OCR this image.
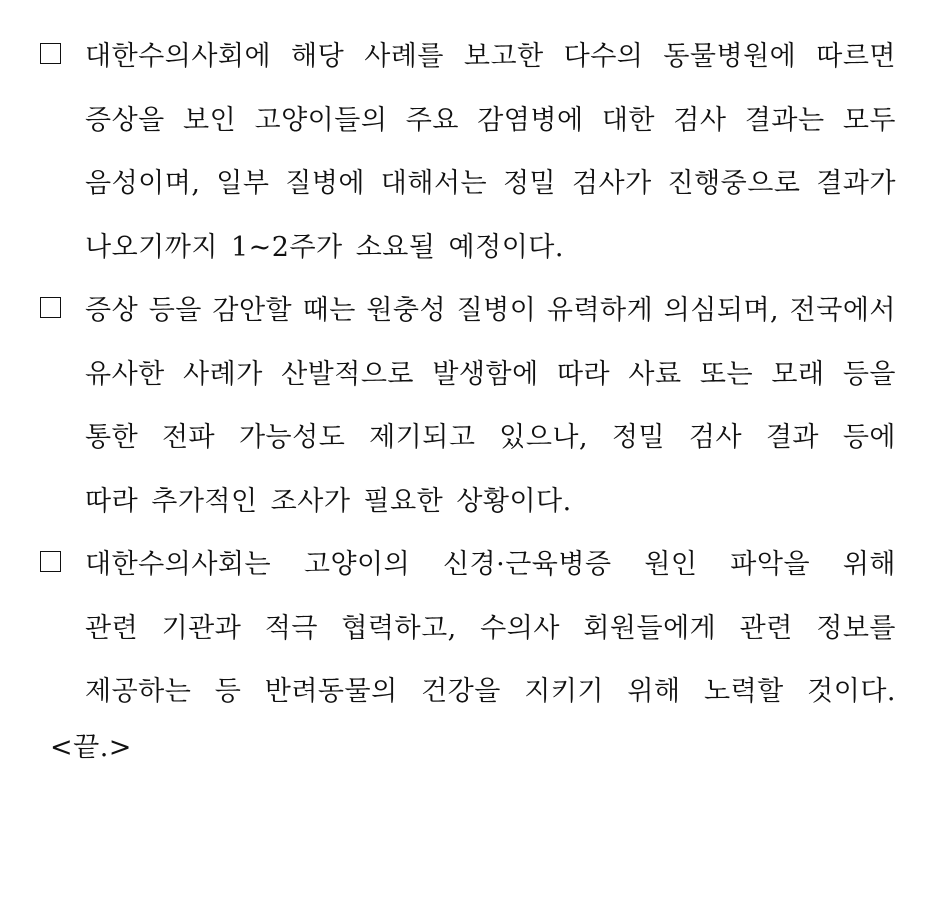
대한수의사회에 해당 사례를 보고한 다수의 동물병원에 따르면
증상을 보인 고양이들의 주요 감염병에 대한 검사 결과는 모두
음성이며, 일부 질병에 대해서는 정밀 검사가 진행중으로 결과가
나오기까지 1~2주가 소요될 예정이다.
증상 등을 감안할 때는 원충성 질병이 유력하게 의심되며, 전국에서
유사한 사례가 산발적으로 발생함에 따라 사료 또는 모래 등을
통한 전파 가능성도 제기되고 있으나, 정밀 검사 결과 등에
따라 추가적인 조사가 필요한 상황이다.
대한수의사회는 고양이의 신경·근육병증 원인 파악을 위해
관련 기관과 적극 협력하고, 수의사 회원들에게 관련 정보를
제공하는 등 반려동물의 건강을 지키기 위해 노력할 것이다.
<끝.>
